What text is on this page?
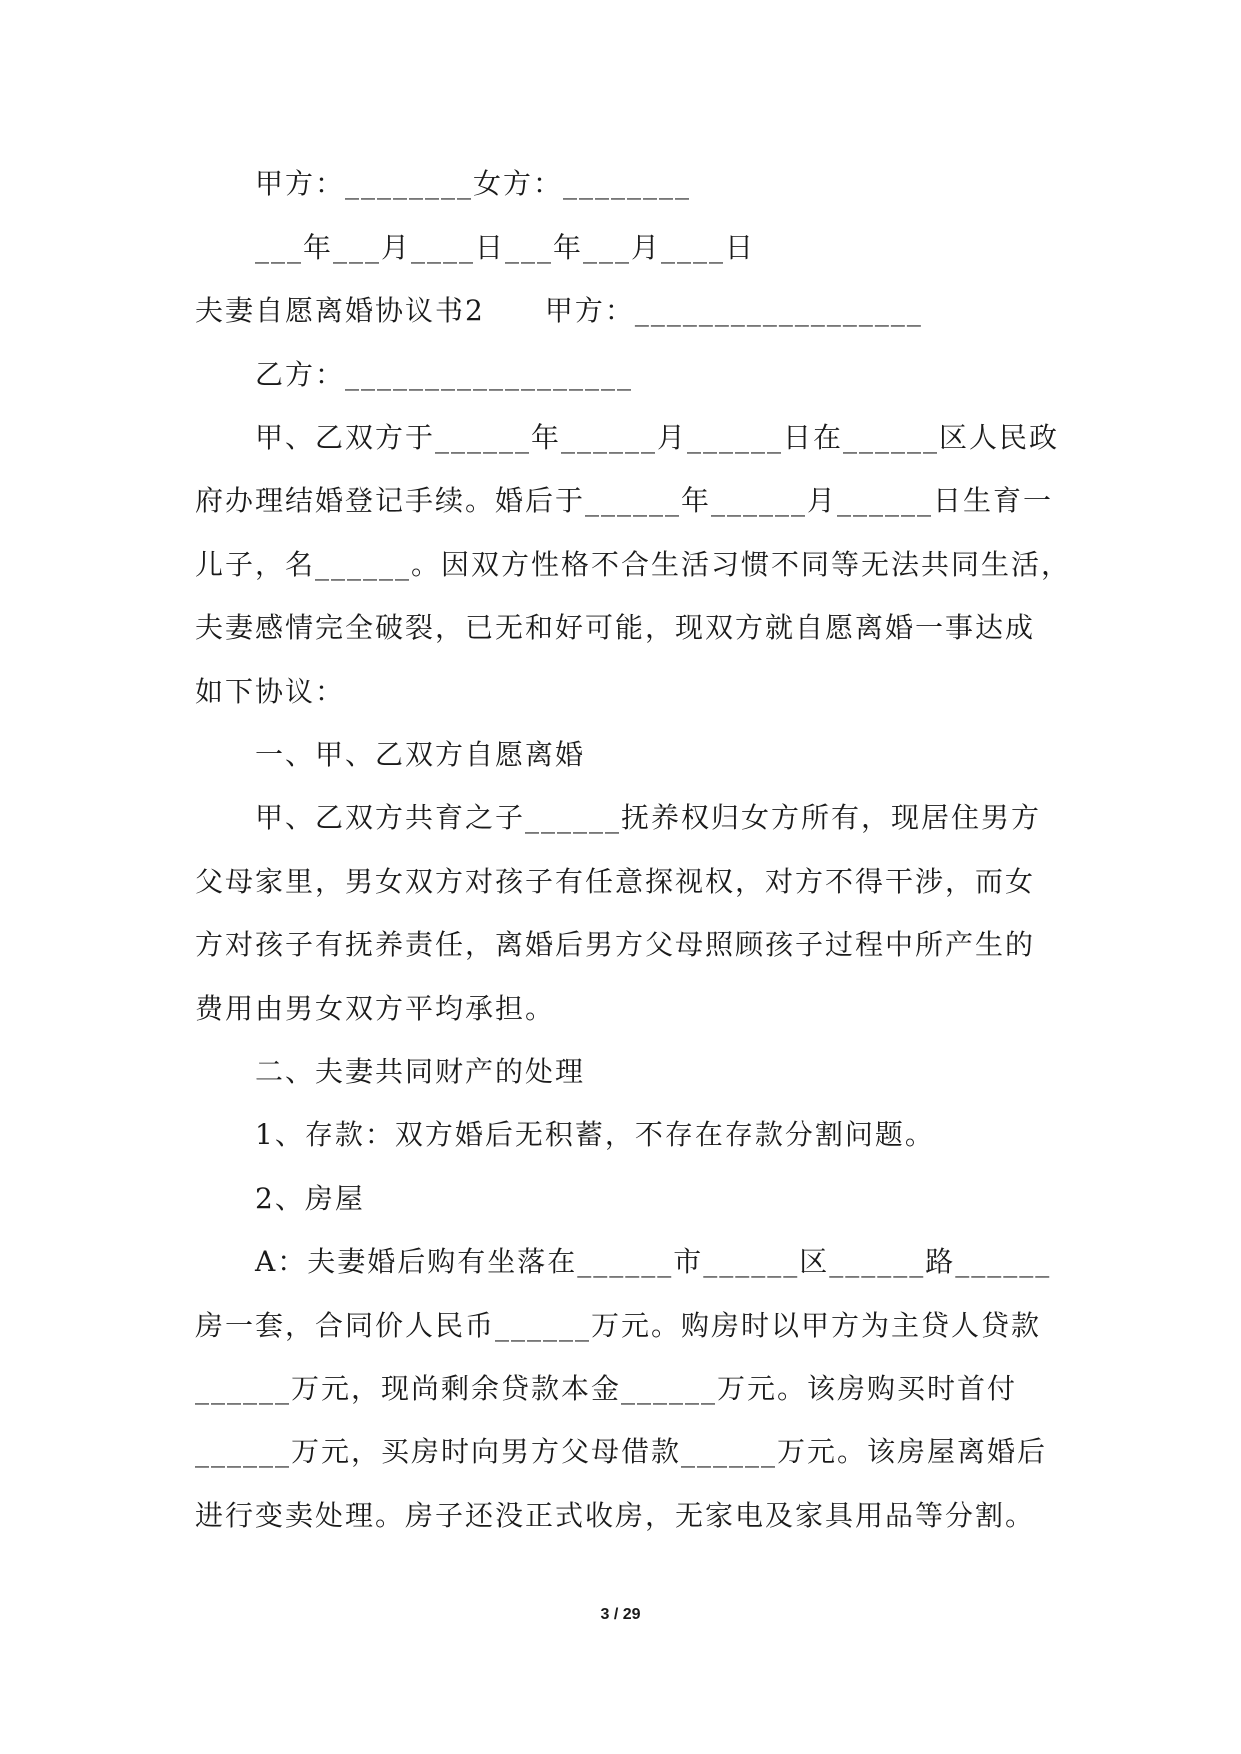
甲方：________女方：________
___年___月____日___年___月____日
夫妻自愿离婚协议书2　　甲方：__________________
乙方：__________________
甲、乙双方于______年______月______日在______区人民政
府办理结婚登记手续。婚后于______年______月______日生育一
儿子，名______。因双方性格不合生活习惯不同等无法共同生活，
夫妻感情完全破裂，已无和好可能，现双方就自愿离婚一事达成
如下协议：
一、甲、乙双方自愿离婚
甲、乙双方共育之子______抚养权归女方所有，现居住男方
父母家里，男女双方对孩子有任意探视权，对方不得干涉，而女
方对孩子有抚养责任，离婚后男方父母照顾孩子过程中所产生的
费用由男女双方平均承担。
二、夫妻共同财产的处理
1、存款：双方婚后无积蓄，不存在存款分割问题。
2、房屋
A：夫妻婚后购有坐落在______市______区______路______
房一套，合同价人民币______万元。购房时以甲方为主贷人贷款
______万元，现尚剩余贷款本金______万元。该房购买时首付
______万元，买房时向男方父母借款______万元。该房屋离婚后
进行变卖处理。房子还没正式收房，无家电及家具用品等分割。
3 / 29
